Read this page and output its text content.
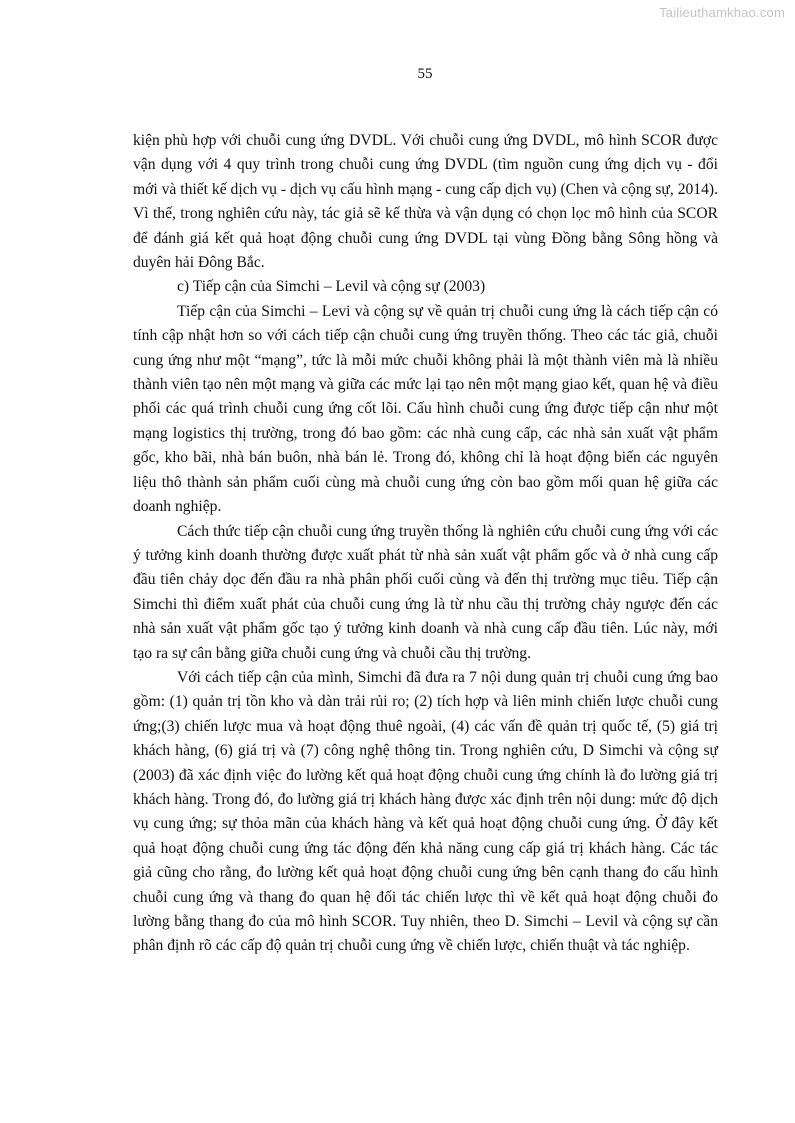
Tailieuthamkhao.com
55

kiện phù hợp với chuỗi cung ứng DVDL. Với chuỗi cung ứng DVDL, mô hình SCOR được vận dụng với 4 quy trình trong chuỗi cung ứng DVDL (tìm nguồn cung ứng dịch vụ - đổi mới và thiết kế dịch vụ - dịch vụ cấu hình mạng - cung cấp dịch vụ) (Chen và cộng sự, 2014). Vì thế, trong nghiên cứu này, tác giả sẽ kế thừa và vận dụng có chọn lọc mô hình của SCOR để đánh giá kết quả hoạt động chuỗi cung ứng DVDL tại vùng Đồng bằng Sông hồng và duyên hải Đông Bắc.

c) Tiếp cận của Simchi – Levil và cộng sự (2003)

Tiếp cận của Simchi – Levi và cộng sự về quản trị chuỗi cung ứng là cách tiếp cận có tính cập nhật hơn so với cách tiếp cận chuỗi cung ứng truyền thống. Theo các tác giả, chuỗi cung ứng như một “mạng”, tức là mỗi mức chuỗi không phải là một thành viên mà là nhiều thành viên tạo nên một mạng và giữa các mức lại tạo nên một mạng giao kết, quan hệ và điều phối các quá trình chuỗi cung ứng cốt lõi. Cấu hình chuỗi cung ứng được tiếp cận như một mạng logistics thị trường, trong đó bao gồm: các nhà cung cấp, các nhà sản xuất vật phẩm gốc, kho bãi, nhà bán buôn, nhà bán lẻ. Trong đó, không chỉ là hoạt động biến các nguyên liệu thô thành sản phẩm cuối cùng mà chuỗi cung ứng còn bao gồm mối quan hệ giữa các doanh nghiệp.

Cách thức tiếp cận chuỗi cung ứng truyền thống là nghiên cứu chuỗi cung ứng với các ý tưởng kinh doanh thường được xuất phát từ nhà sản xuất vật phẩm gốc và ở nhà cung cấp đầu tiên chảy dọc đến đầu ra nhà phân phối cuối cùng và đến thị trường mục tiêu. Tiếp cận Simchi thì điểm xuất phát của chuỗi cung ứng là từ nhu cầu thị trường chảy ngược đến các nhà sản xuất vật phẩm gốc tạo ý tưởng kinh doanh và nhà cung cấp đầu tiên. Lúc này, mới tạo ra sự cân bằng giữa chuỗi cung ứng và chuỗi cầu thị trường.

Với cách tiếp cận của mình, Simchi đã đưa ra 7 nội dung quản trị chuỗi cung ứng bao gồm: (1) quản trị tồn kho và dàn trải rủi ro; (2) tích hợp và liên minh chiến lược chuỗi cung ứng;(3) chiến lược mua và hoạt động thuê ngoài, (4) các vấn đề quản trị quốc tế, (5) giá trị khách hàng, (6) giá trị và (7) công nghệ thông tin. Trong nghiên cứu, D Simchi và cộng sự (2003) đã xác định việc đo lường kết quả hoạt động chuỗi cung ứng chính là đo lường giá trị khách hàng. Trong đó, đo lường giá trị khách hàng được xác định trên nội dung: mức độ dịch vụ cung ứng; sự thỏa mãn của khách hàng và kết quả hoạt động chuỗi cung ứng. Ở đây kết quả hoạt động chuỗi cung ứng tác động đến khả năng cung cấp giá trị khách hàng. Các tác giả cũng cho rằng, đo lường kết quả hoạt động chuỗi cung ứng bên cạnh thang đo cấu hình chuỗi cung ứng và thang đo quan hệ đối tác chiến lược thì về kết quả hoạt động chuỗi đo lường bằng thang đo của mô hình SCOR. Tuy nhiên, theo D. Simchi – Levil và cộng sự cần phân định rõ các cấp độ quản trị chuỗi cung ứng về chiến lược, chiến thuật và tác nghiệp.
